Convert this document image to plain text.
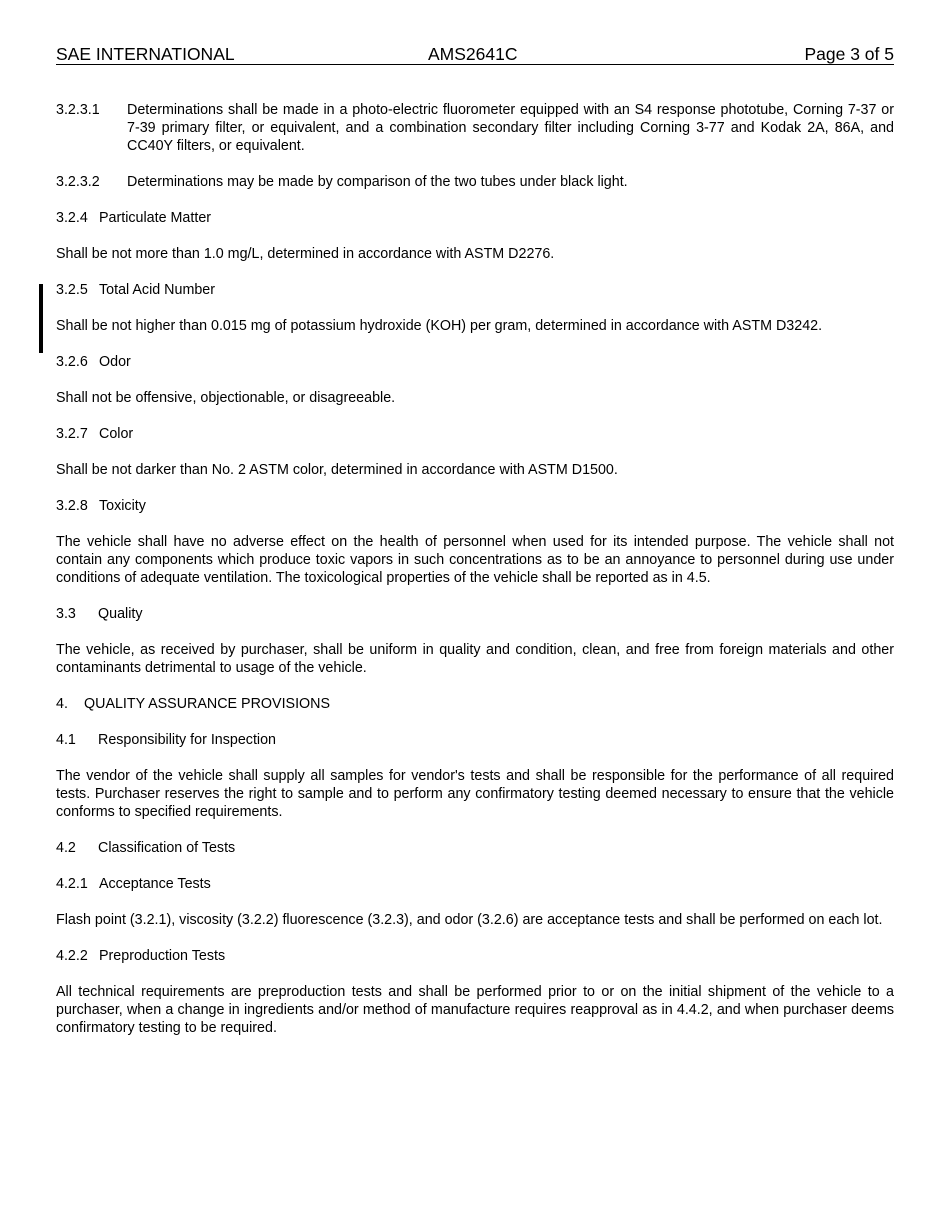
SAE INTERNATIONAL	AMS2641C	Page 3 of 5
3.2.3.1 Determinations shall be made in a photo-electric fluorometer equipped with an S4 response phototube, Corning 7-37 or 7-39 primary filter, or equivalent, and a combination secondary filter including Corning 3-77 and Kodak 2A, 86A, and CC40Y filters, or equivalent.
3.2.3.2 Determinations may be made by comparison of the two tubes under black light.
3.2.4 Particulate Matter

Shall be not more than 1.0 mg/L, determined in accordance with ASTM D2276.

3.2.5 Total Acid Number

Shall be not higher than 0.015 mg of potassium hydroxide (KOH) per gram, determined in accordance with ASTM D3242.

3.2.6 Odor

Shall not be offensive, objectionable, or disagreeable.

3.2.7 Color

Shall be not darker than No. 2 ASTM color, determined in accordance with ASTM D1500.

3.2.8 Toxicity

The vehicle shall have no adverse effect on the health of personnel when used for its intended purpose. The vehicle shall not contain any components which produce toxic vapors in such concentrations as to be an annoyance to personnel during use under conditions of adequate ventilation. The toxicological properties of the vehicle shall be reported as in 4.5.

3.3 Quality

The vehicle, as received by purchaser, shall be uniform in quality and condition, clean, and free from foreign materials and other contaminants detrimental to usage of the vehicle.

4. QUALITY ASSURANCE PROVISIONS
4.1 Responsibility for Inspection

The vendor of the vehicle shall supply all samples for vendor's tests and shall be responsible for the performance of all required tests. Purchaser reserves the right to sample and to perform any confirmatory testing deemed necessary to ensure that the vehicle conforms to specified requirements.

4.2 Classification of Tests
4.2.1 Acceptance Tests

Flash point (3.2.1), viscosity (3.2.2) fluorescence (3.2.3), and odor (3.2.6) are acceptance tests and shall be performed on each lot.

4.2.2 Preproduction Tests

All technical requirements are preproduction tests and shall be performed prior to or on the initial shipment of the vehicle to a purchaser, when a change in ingredients and/or method of manufacture requires reapproval as in 4.4.2, and when purchaser deems confirmatory testing to be required.
